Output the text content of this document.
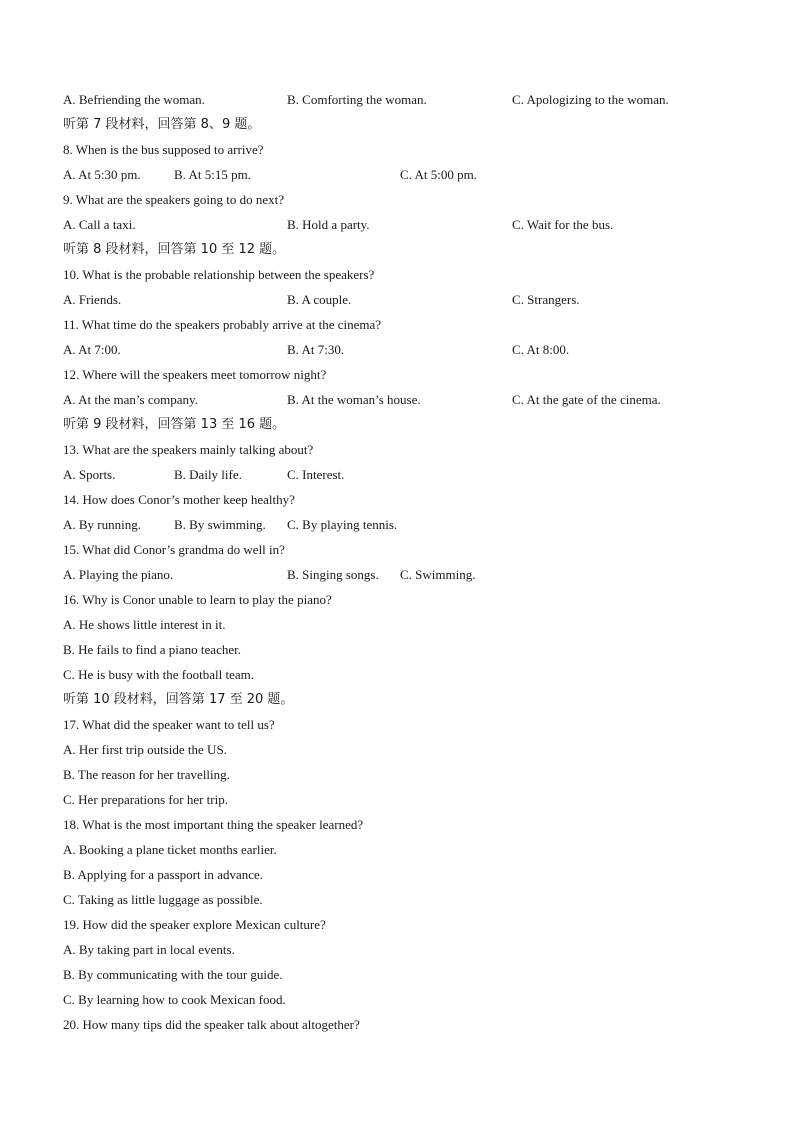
A. Befriending the woman.	B. Comforting the woman.	C. Apologizing to the woman.
听第 7 段材料，回答第 8、9 题。
8. When is the bus supposed to arrive?
A. At 5:30 pm.	B. At 5:15 pm.	C. At 5:00 pm.
9. What are the speakers going to do next?
A. Call a taxi.	B. Hold a party.	C. Wait for the bus.
听第 8 段材料，回答第 10 至 12 题。
10. What is the probable relationship between the speakers?
A. Friends.	B. A couple.	C. Strangers.
11. What time do the speakers probably arrive at the cinema?
A. At 7:00.	B. At 7:30.	C. At 8:00.
12. Where will the speakers meet tomorrow night?
A. At the man’s company.	B. At the woman’s house.	C. At the gate of the cinema.
听第 9 段材料，回答第 13 至 16 题。
13. What are the speakers mainly talking about?
A. Sports.	B. Daily life.	C. Interest.
14. How does Conor’s mother keep healthy?
A. By running.	B. By swimming. C. By playing tennis.
15. What did Conor’s grandma do well in?
A. Playing the piano.	B. Singing songs. C. Swimming.
16. Why is Conor unable to learn to play the piano?
A. He shows little interest in it.
B. He fails to find a piano teacher.
C. He is busy with the football team.
听第 10 段材料，回答第 17 至 20 题。
17. What did the speaker want to tell us?
A. Her first trip outside the US.
B. The reason for her travelling.
C. Her preparations for her trip.
18. What is the most important thing the speaker learned?
A. Booking a plane ticket months earlier.
B. Applying for a passport in advance.
C. Taking as little luggage as possible.
19. How did the speaker explore Mexican culture?
A. By taking part in local events.
B. By communicating with the tour guide.
C. By learning how to cook Mexican food.
20. How many tips did the speaker talk about altogether?
